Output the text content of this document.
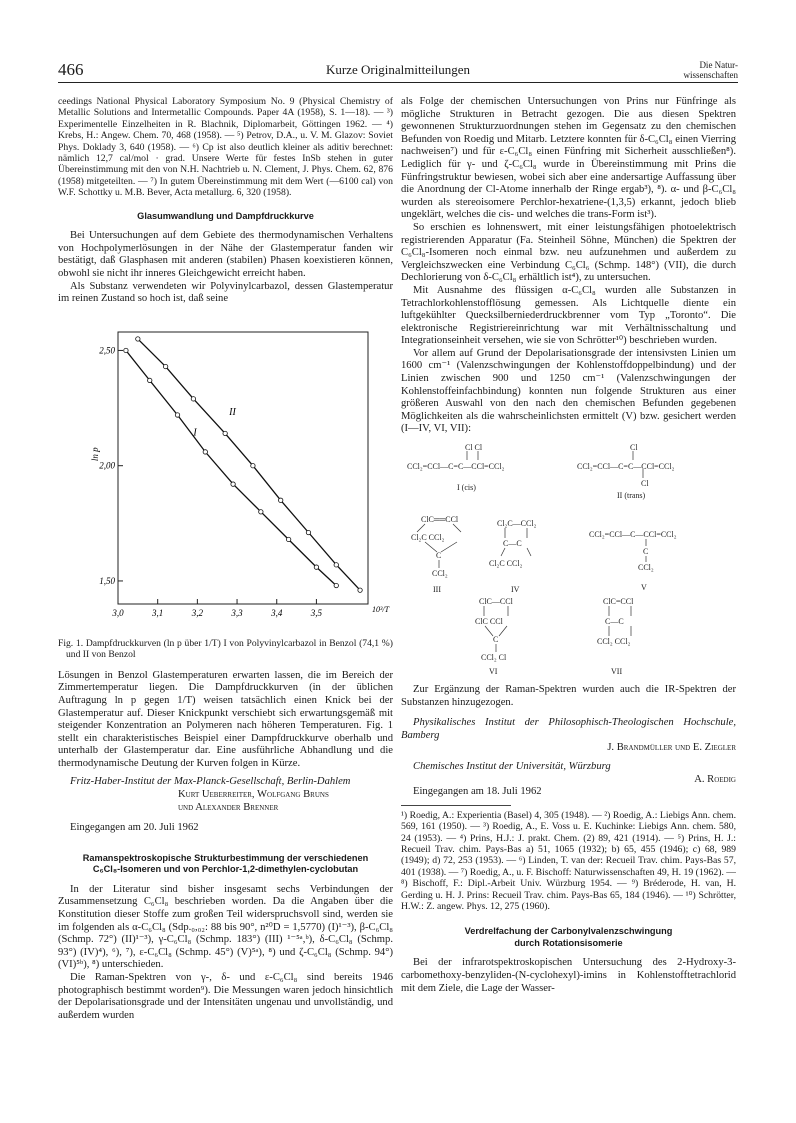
466	Kurze Originalmitteilungen	Die Natur-
wissenschaften

ceedings National Physical Laboratory Symposium No. 9 (Physical Chemistry of Metallic Solutions and Intermetallic Compounds. Paper 4A (1958), S. 1—18). — ³) Experimentelle Einzelheiten in R. Blachnik, Diplomarbeit, Göttingen 1962. — ⁴) Krebs, H.: Angew. Chem. 70, 468 (1958). — ⁵) Petrov, D.A., u. V. M. Glazov: Soviet Phys. Doklady 3, 640 (1958). — ⁶) Cp ist also deutlich kleiner als aditiv berechnet: nämlich 12,7 cal/mol · grad. Unsere Werte für festes InSb stehen in guter Übereinstimmung mit den von N.H. Nachtrieb u. N. Clement, J. Phys. Chem. 62, 876 (1958) mitgeteilten. — ⁷) In gutem Übereinstimmung mit dem Wert (—6100 cal) von W.F. Schottky u. M.B. Bever, Acta metallurg. 6, 320 (1958).

Glasumwandlung und Dampfdruckkurve

Bei Untersuchungen auf dem Gebiete des thermodynamischen Verhaltens von Hochpolymerlösungen in der Nähe der Glastemperatur fanden wir bestätigt, daß Glasphasen mit anderen (stabilen) Phasen koexistieren können, obwohl sie nicht ihr inneres Gleichgewicht erreicht haben.

Als Substanz verwendeten wir Polyvinylcarbazol, dessen Glastemperatur im reinen Zustand so hoch ist, daß seine

3,0	3,1	3,2	3,3	3,4	3,5
2,50
2,00
1,50
10³/T
ln p
I
II

Fig. 1. Dampfdruckkurven (ln p über 1/T) I von Polyvinylcarbazol in Benzol (74,1 %) und II von Benzol

Lösungen in Benzol Glastemperaturen erwarten lassen, die im Bereich der Zimmertemperatur liegen. Die Dampfdruckkurven (in der üblichen Auftragung ln p gegen 1/T) weisen tatsächlich einen Knick bei der Glastemperatur auf. Dieser Knickpunkt verschiebt sich erwartungsgemäß mit steigender Konzentration an Polymeren nach höheren Temperaturen. Fig. 1 stellt ein charakteristisches Beispiel einer Dampfdruckkurve oberhalb und unterhalb der Glastemperatur dar. Eine ausführliche Abhandlung und die thermodynamische Deutung der Kurven folgen in Kürze.

Fritz-Haber-Institut der Max-Planck-Gesellschaft, Berlin-Dahlem

Kurt Ueberreiter, Wolfgang Bruns

und Alexander Brenner

Eingegangen am 20. Juli 1962

Ramanspektroskopische Strukturbestimmung der verschiedenen
C₆Cl₈-Isomeren und von Perchlor-1,2-dimethylen-cyclobutan

In der Literatur sind bisher insgesamt sechs Verbindungen der Zusammensetzung C₆Cl₈ beschrieben worden. Da die Angaben über die Konstitution dieser Stoffe zum großen Teil widerspruchsvoll sind, werden sie im folgenden als α-C₆Cl₈ (Sdp.₀,₀₂: 88 bis 90°, n²⁰D = 1,5770) (I)¹⁻³), β-C₆Cl₈ (Schmp. 72°) (II)¹⁻³), γ-C₆Cl₈ (Schmp. 183°) (III) ¹⁻⁵ᵃ,ᵇ), δ-C₆Cl₈ (Schmp. 93°) (IV)⁴), ⁶), ⁷), ε-C₆Cl₈ (Schmp. 45°) (V)⁵ᵃ), ⁸) und ζ-C₆Cl₈ (Schmp. 94°) (VI)⁵ᵇ), ⁸) unterschieden.

Die Raman-Spektren von γ-, δ- und ε-C₆Cl₈ sind bereits 1946 photographisch bestimmt worden⁹). Die Messungen waren jedoch hinsichtlich der Depolarisationsgrade und der Intensitäten ungenau und unvollständig, und außerdem wurden

als Folge der chemischen Untersuchungen von Prins nur Fünfringe als mögliche Strukturen in Betracht gezogen. Die aus diesen Spektren gewonnenen Strukturzuordnungen stehen im Gegensatz zu den chemischen Befunden von Roedig und Mitarb. Letztere konnten für δ-C₆Cl₈ einen Vierring nachweisen⁷) und für ε-C₆Cl₈ einen Fünfring mit Sicherheit ausschließen⁸). Lediglich für γ- und ζ-C₆Cl₈ wurde in Übereinstimmung mit Prins die Fünfringstruktur bewiesen, wobei sich aber eine andersartige Auffassung über die Anordnung der Cl-Atome innerhalb der Ringe ergab³), ⁸). α- und β-C₆Cl₈ wurden als stereoisomere Perchlor-hexatriene-(1,3,5) erkannt, jedoch blieb ungeklärt, welches die cis- und welches die trans-Form ist³).

So erschien es lohnenswert, mit einer leistungsfähigen photoelektrisch registrierenden Apparatur (Fa. Steinheil Söhne, München) die Spektren der C₆Cl₈-Isomeren noch einmal bzw. neu aufzunehmen und außerdem zu Vergleichszwecken eine Verbindung C₆Cl₆ (Schmp. 148°) (VII), die durch Dechlorierung von δ-C₆Cl₈ erhältlich ist⁴), zu untersuchen.

Mit Ausnahme des flüssigen α-C₆Cl₈ wurden alle Substanzen in Tetrachlorkohlenstofflösung gemessen. Als Lichtquelle diente ein luftgekühlter Quecksilberniederdruckbrenner vom Typ „Toronto“. Die elektronische Registriereinrichtung war mit Verhältnisschaltung und Integrationseinheit versehen, wie sie von Schrötter¹⁰) beschrieben wurden.

Vor allem auf Grund der Depolarisationsgrade der intensivsten Linien um 1600 cm⁻¹ (Valenzschwingungen der Kohlenstoffdoppelbindung) und der Linien zwischen 900 und 1250 cm⁻¹ (Valenzschwingungen der Kohlenstoffeinfachbindung) konnten nun folgende Strukturen aus einer größeren Auswahl von den nach den chemischen Befunden gegebenen Möglichkeiten als die wahrscheinlichsten ermittelt (V) bzw. gesichert werden (I—IV, VI, VII):

Cl Cl
CCl₂=CCl—C=C—CCl=CCl₂
I (cis)
Cl
CCl₂=CCl—C=C—CCl=CCl₂
Cl
II (trans)
ClC══CCl
Cl₂C CCl₂
C
CCl₂
III
Cl₂C—CCl₂
C—C
Cl₂C CCl₂
IV
CCl₂=CCl—C—CCl=CCl₂
C
CCl₂
V
ClC—CCl
ClC CCl
C
CCl₂ Cl
VI
ClC=CCl
C—C
CCl₂ CCl₂
VII

Zur Ergänzung der Raman-Spektren wurden auch die IR-Spektren der Substanzen hinzugezogen.

Physikalisches Institut der Philosophisch-Theologischen Hochschule, Bamberg

J. Brandmüller und E. Ziegler

Chemisches Institut der Universität, Würzburg

A. Roedig

Eingegangen am 18. Juli 1962

¹) Roedig, A.: Experientia (Basel) 4, 305 (1948). — ²) Roedig, A.: Liebigs Ann. chem. 569, 161 (1950). — ³) Roedig, A., E. Voss u. E. Kuchinke: Liebigs Ann. chem. 580, 24 (1953). — ⁴) Prins, H.J.: J. prakt. Chem. (2) 89, 421 (1914). — ⁵) Prins, H. J.: Recueil Trav. chim. Pays-Bas a) 51, 1065 (1932); b) 65, 455 (1946); c) 68, 989 (1949); d) 72, 253 (1953). — ⁶) Linden, T. van der: Recueil Trav. chim. Pays-Bas 57, 401 (1938). — ⁷) Roedig, A., u. F. Bischoff: Naturwissenschaften 49, H. 19 (1962). — ⁸) Bischoff, F.: Dipl.-Arbeit Univ. Würzburg 1954. — ⁹) Bréderode, H. van, H. Gerding u. H. J. Prins: Recueil Trav. chim. Pays-Bas 65, 184 (1946). — ¹⁰) Schrötter, H.W.: Z. angew. Phys. 12, 275 (1960).

Verdrelfachung der Carbonylvalenzschwingung
durch Rotationsisomerie

Bei der infrarotspektroskopischen Untersuchung des 2-Hydroxy-3-carbomethoxy-benzyliden-(N-cyclohexyl)-imins in Kohlenstofftetrachlorid mit dem Ziele, die Lage der Wasser-
